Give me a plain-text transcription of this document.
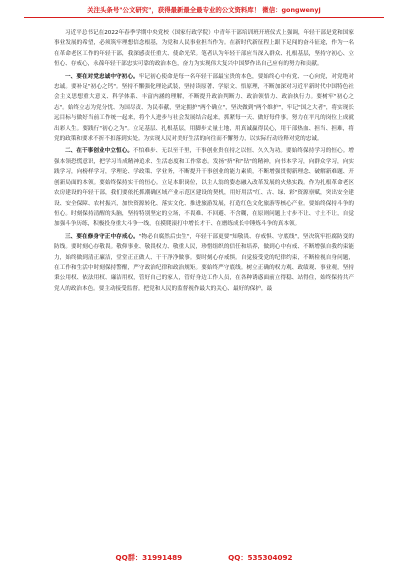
关注头条号"公文研究"，获得最新最全最专业的公文资料库！ 微信：gongwenyj

习近平总书记在2022年春季学期中央党校（国家行政学院）中青年干部培训班开班仪式上强调，年轻干部是党和国家事业发展的希望，必须筑牢理想信念根基，为党和人民事业担当作为。在新时代新征程上跟下足闯的奋斗征途，作为一名在革命老区工作的年轻干部，我深感责任重大、使命光荣。笔者认为年轻干部应当深入群众、扎根基层，坚持守初心、立恒心、存戒心，永葆年轻干部忠实可靠的政治本色，奋力为实现伟大复兴中国梦作出自己应有的努力和贡献。

一、要在对党忠诚中守初心。牢记初心使命是每一名年轻干部最宝贵的本色，要始终心中有党、一心向党，对党绝对忠诚。要补足"初心之钙"。坚持不懈强化理论武装，坚持读原著、学原文、悟原理，不断加深对习近平新时代中国特色社会主义思想重大意义、科学体系、丰富内涵的理解，不断提升政治判断力、政治领悟力、政治执行力。要树牢"初心之志"。始终立志为党分忧、为国尽责、为民奉献，坚定拥护"两个确立"，坚决做到"两个维护"，牢记"国之大者"，将实现长远目标与做好当前工作统一起来，将个人进步与社会发展结合起来，抓紧每一天、做好每件事，努力在平凡的岗位上成就出彩人生。要践行"初心之为"。立足基层、扎根基层，用脚步丈量土地，用真诚赢得民心，用干部热血、担当、担难，将党的政策和要求不折不扣落到实处。为实现人民对美好生活的向往而不懈努力，以实际行动诠释对党的忠诚。

二、在干事创业中立恒心。不怕难步、无以至千里，干事创业贵在持之以恒、久久为功。要始终保持学习的恒心。增强本领恐慌意识，把学习当成精神追求、生活态度和工作常态。发扬"挤"和"钻"的精神，向书本学习，向群众学习，向实践学习，向榜样学习，学理论、学政策、学业务，不断提升干事创业的能力素质，不断增强贯彻新理念、破解新难题、开创新局面的本领。要始终保持实干的恒心。立足本职岗位，以主人翁的姿态融入改革发展的火热实践。作为扎根革命老区农房建设的年轻干部，我们要依托抓潮确区域产业示范区建设的契机，用好用活"红、古、绿、彩"资源禀赋，突出安全建设、安全保障、农村振兴，加快资源转化、落实文化、推进旅游发展，打造红色文化旅游等核心产业。要始终保持斗争的恒心。时刻保持清醒的头脑，坚持特别坚定的立场，不畏难、不回避、不含糊，在原则问题上寸步不让、寸土不让，自觉加强斗争历练，积极投身重大斗争一线，在摸爬滚打中增长才干、在磨练成长中锤炼斗争的真本领。

三、要在修身守正中存戒心。"物必自腐然后虫生"，年轻干部更要"知敬畏、存戒惧、守底线"，坚决筑牢拒腐防变的防线。要时刻心存敬畏。敬仰事业、敬畏权力、敬重人民，珍惜组织的信任和培养，做到心中有戒、不断增强自我约束能力，始终做到清正廉洁，堂堂正正做人、干干净净做事。要时刻心存戒惧。自觉接受党的纪律约束，不断检视自身问题，在工作和生活中时刻保持警醒，严守政治纪律和政治规矩。要始终严守底线。树立正确的权力观、政绩观、事业观，坚持秉公用权、依法用权、廉洁用权，管好自己的家人，管好身边工作人员，在各种诱惑面前立得稳、站得住，始终保持共产党人的政治本色。要主动接受监督。把党和人民的监督视作最大的关心、最好的保护，最

QQ群：31991489	QQ：535304092
